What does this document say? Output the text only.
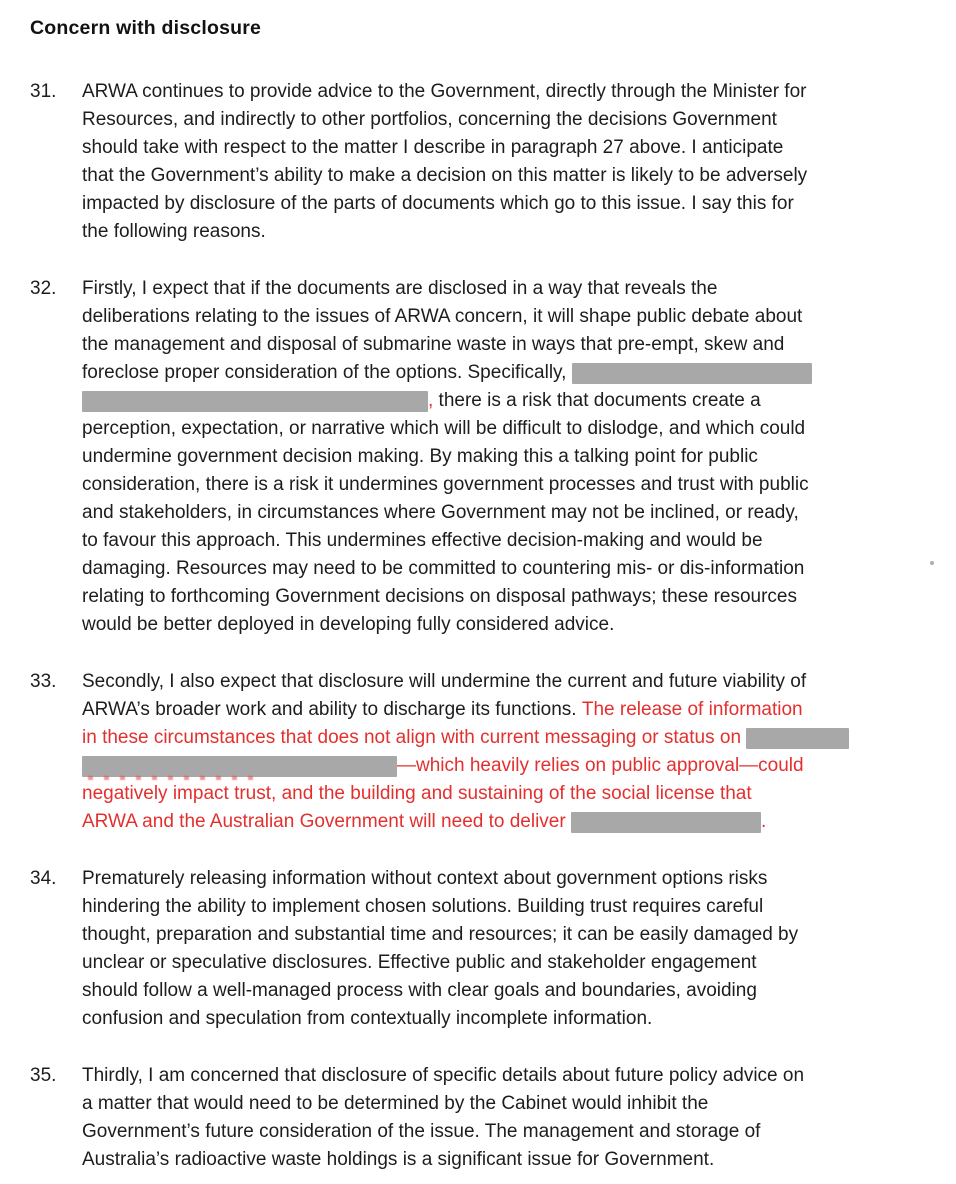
Concern with disclosure
31.	ARWA continues to provide advice to the Government, directly through the Minister for
Resources, and indirectly to other portfolios, concerning the decisions Government
should take with respect to the matter I describe in paragraph 27 above. I anticipate
that the Government’s ability to make a decision on this matter is likely to be adversely
impacted by disclosure of the parts of documents which go to this issue. I say this for
the following reasons.
32.	Firstly, I expect that if the documents are disclosed in a way that reveals the
deliberations relating to the issues of ARWA concern, it will shape public debate about
the management and disposal of submarine waste in ways that pre-empt, skew and
foreclose proper consideration of the options. Specifically,
, there is a risk that documents create a
perception, expectation, or narrative which will be difficult to dislodge, and which could
undermine government decision making. By making this a talking point for public
consideration, there is a risk it undermines government processes and trust with public
and stakeholders, in circumstances where Government may not be inclined, or ready,
to favour this approach. This undermines effective decision-making and would be
damaging. Resources may need to be committed to countering mis- or dis-information
relating to forthcoming Government decisions on disposal pathways; these resources
would be better deployed in developing fully considered advice.
33.	Secondly, I also expect that disclosure will undermine the current and future viability of
ARWA’s broader work and ability to discharge its functions. The release of information
in these circumstances that does not align with current messaging or status on
—which heavily relies on public approval—could
negatively impact trust, and the building and sustaining of the social license that
ARWA and the Australian Government will need to deliver	.
34.	Prematurely releasing information without context about government options risks
hindering the ability to implement chosen solutions. Building trust requires careful
thought, preparation and substantial time and resources; it can be easily damaged by
unclear or speculative disclosures. Effective public and stakeholder engagement
should follow a well-managed process with clear goals and boundaries, avoiding
confusion and speculation from contextually incomplete information.
35.	Thirdly, I am concerned that disclosure of specific details about future policy advice on
a matter that would need to be determined by the Cabinet would inhibit the
Government’s future consideration of the issue. The management and storage of
Australia’s radioactive waste holdings is a significant issue for Government.
